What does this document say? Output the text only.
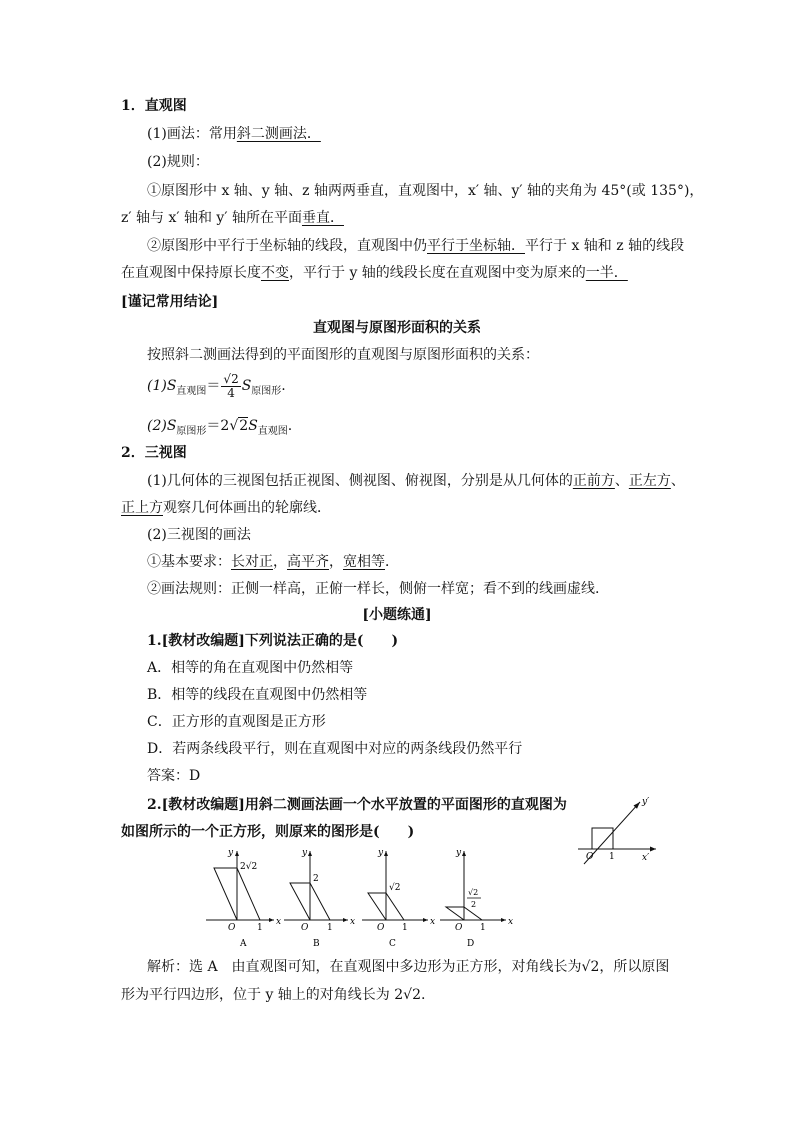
1．直观图
(1)画法：常用斜二测画法．
(2)规则：
①原图形中 x 轴、y 轴、z 轴两两垂直，直观图中，x′ 轴、y′ 轴的夹角为 45°(或 135°)，
z′ 轴与 x′ 轴和 y′ 轴所在平面垂直．
②原图形中平行于坐标轴的线段，直观图中仍平行于坐标轴．平行于 x 轴和 z 轴的线段
在直观图中保持原长度不变，平行于 y 轴的线段长度在直观图中变为原来的一半．
[谨记常用结论]
直观图与原图形面积的关系
按照斜二测画法得到的平面图形的直观图与原图形面积的关系：
$(1)S_{直观图}= \frac{√2}{4} S_{原图形}$.
$(2)S_{原图形}=2√2S_{直观图}$.
2．三视图
(1)几何体的三视图包括正视图、侧视图、俯视图，分别是从几何体的正前方、正左方、
正上方观察几何体画出的轮廓线．
(2)三视图的画法
①基本要求：长对正，高平齐，宽相等．
②画法规则：正侧一样高，正俯一样长，侧俯一样宽；看不到的线画虚线.
[小题练通]
1.[教材改编题]下列说法正确的是(　　)
A．相等的角在直观图中仍然相等
B．相等的线段在直观图中仍然相等
C．正方形的直观图是正方形
D．若两条线段平行，则在直观图中对应的两条线段仍然平行
答案：D
2.[教材改编题]用斜二测画法画一个水平放置的平面图形的直观图为
如图所示的一个正方形，则原来的图形是(　　)
y′
x′
O′ 1
y
x
O 1
2√2
A
y
x
O 1
2
B
y
x
O 1
√2
C
y
x
O 1
√2
2
D
解析：选 A　由直观图可知，在直观图中多边形为正方形，对角线长为√2，所以原图
形为平行四边形，位于 y 轴上的对角线长为 2√2.
